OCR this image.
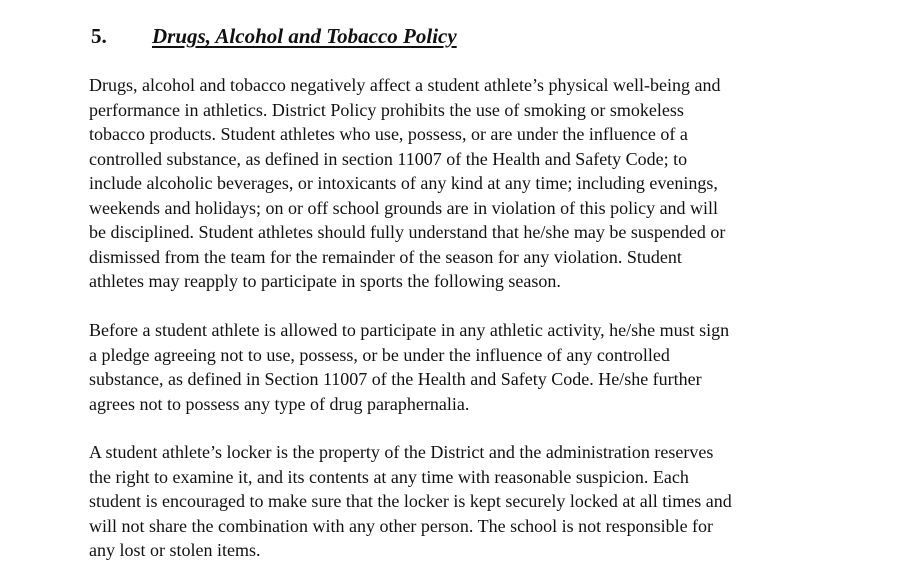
5. Drugs, Alcohol and Tobacco Policy

Drugs, alcohol and tobacco negatively affect a student athlete’s physical well-being and
performance in athletics. District Policy prohibits the use of smoking or smokeless
tobacco products. Student athletes who use, possess, or are under the influence of a
controlled substance, as defined in section 11007 of the Health and Safety Code; to
include alcoholic beverages, or intoxicants of any kind at any time; including evenings,
weekends and holidays; on or off school grounds are in violation of this policy and will
be disciplined. Student athletes should fully understand that he/she may be suspended or
dismissed from the team for the remainder of the season for any violation. Student
athletes may reapply to participate in sports the following season.

Before a student athlete is allowed to participate in any athletic activity, he/she must sign
a pledge agreeing not to use, possess, or be under the influence of any controlled
substance, as defined in Section 11007 of the Health and Safety Code. He/she further
agrees not to possess any type of drug paraphernalia.

A student athlete’s locker is the property of the District and the administration reserves
the right to examine it, and its contents at any time with reasonable suspicion. Each
student is encouraged to make sure that the locker is kept securely locked at all times and
will not share the combination with any other person. The school is not responsible for
any lost or stolen items.
